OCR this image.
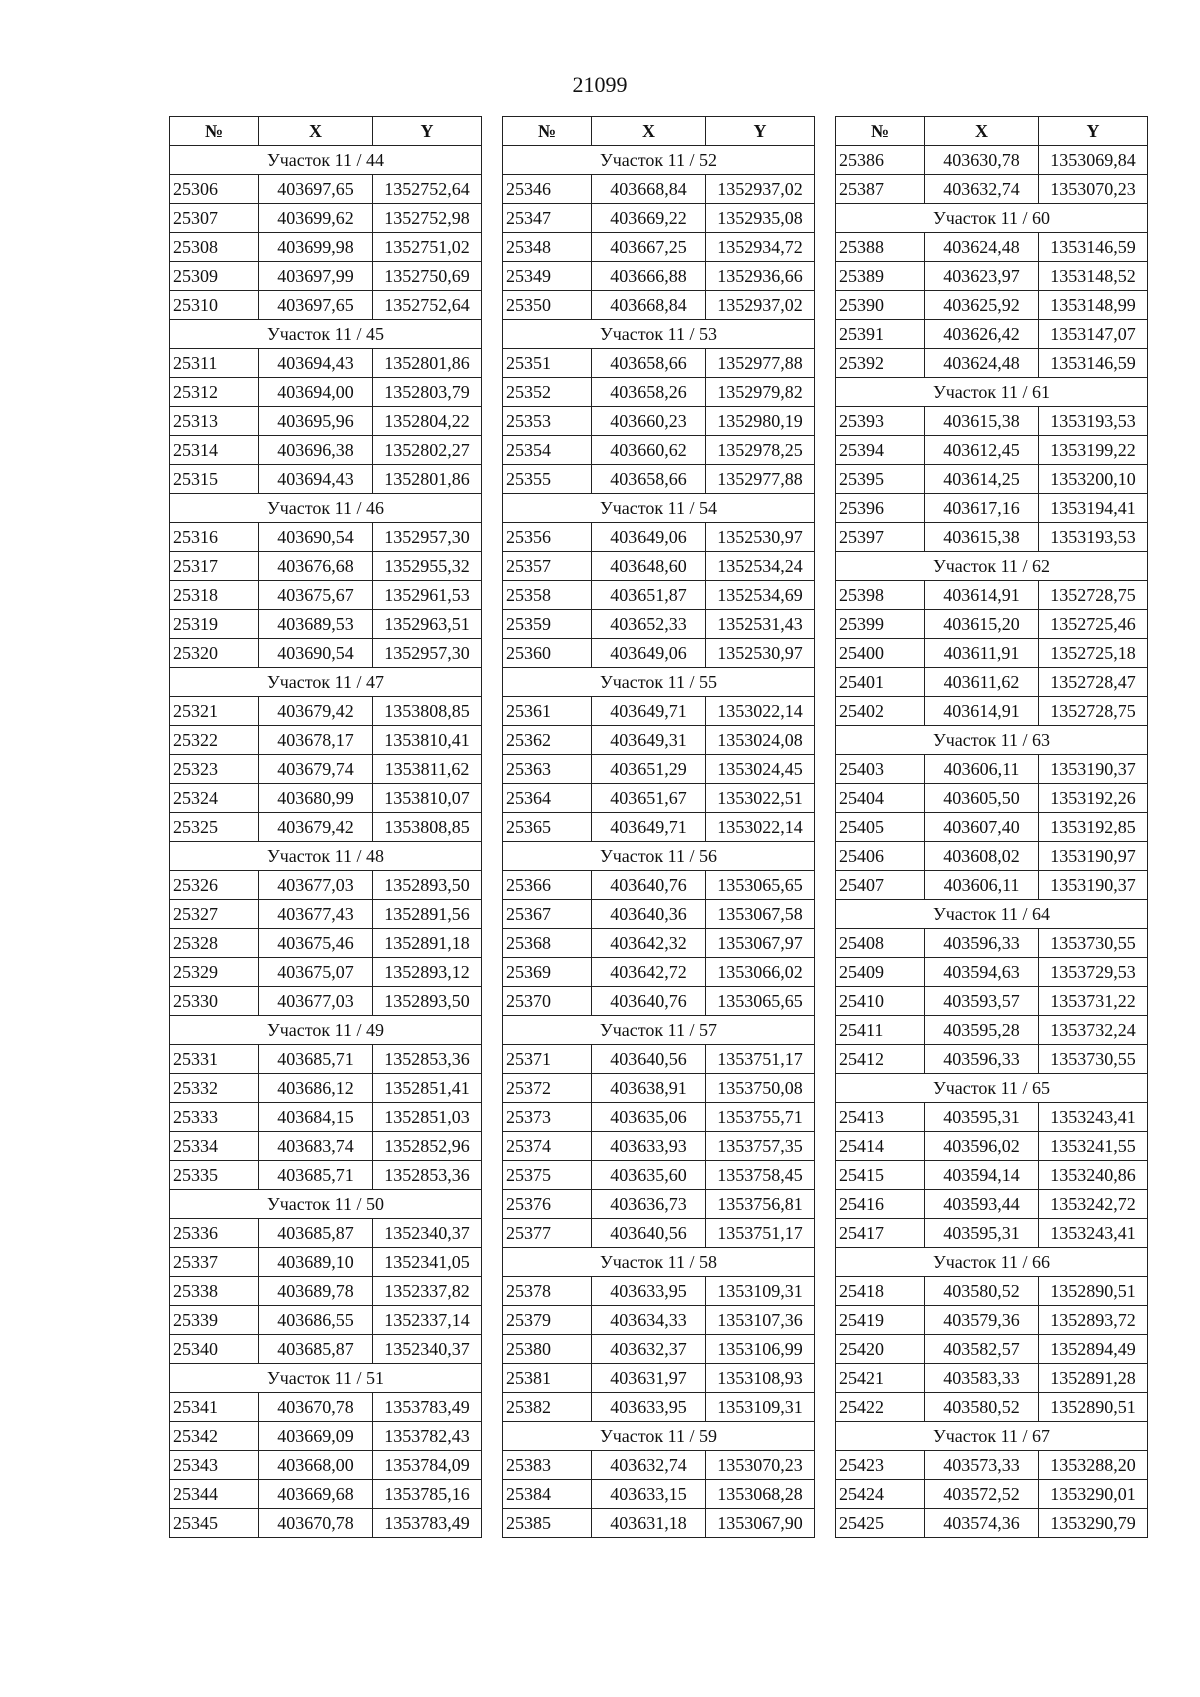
21099
№	X	Y
Участок 11 / 44		
25306	403697,65	1352752,64
25307	403699,62	1352752,98
25308	403699,98	1352751,02
25309	403697,99	1352750,69
25310	403697,65	1352752,64
Участок 11 / 45		
25311	403694,43	1352801,86
25312	403694,00	1352803,79
25313	403695,96	1352804,22
25314	403696,38	1352802,27
25315	403694,43	1352801,86
Участок 11 / 46		
25316	403690,54	1352957,30
25317	403676,68	1352955,32
25318	403675,67	1352961,53
25319	403689,53	1352963,51
25320	403690,54	1352957,30
Участок 11 / 47		
25321	403679,42	1353808,85
25322	403678,17	1353810,41
25323	403679,74	1353811,62
25324	403680,99	1353810,07
25325	403679,42	1353808,85
Участок 11 / 48		
25326	403677,03	1352893,50
25327	403677,43	1352891,56
25328	403675,46	1352891,18
25329	403675,07	1352893,12
25330	403677,03	1352893,50
Участок 11 / 49		
25331	403685,71	1352853,36
25332	403686,12	1352851,41
25333	403684,15	1352851,03
25334	403683,74	1352852,96
25335	403685,71	1352853,36
Участок 11 / 50		
25336	403685,87	1352340,37
25337	403689,10	1352341,05
25338	403689,78	1352337,82
25339	403686,55	1352337,14
25340	403685,87	1352340,37
Участок 11 / 51		
25341	403670,78	1353783,49
25342	403669,09	1353782,43
25343	403668,00	1353784,09
25344	403669,68	1353785,16
25345	403670,78	1353783,49
№	X	Y
Участок 11 / 52		
25346	403668,84	1352937,02
25347	403669,22	1352935,08
25348	403667,25	1352934,72
25349	403666,88	1352936,66
25350	403668,84	1352937,02
Участок 11 / 53		
25351	403658,66	1352977,88
25352	403658,26	1352979,82
25353	403660,23	1352980,19
25354	403660,62	1352978,25
25355	403658,66	1352977,88
Участок 11 / 54		
25356	403649,06	1352530,97
25357	403648,60	1352534,24
25358	403651,87	1352534,69
25359	403652,33	1352531,43
25360	403649,06	1352530,97
Участок 11 / 55		
25361	403649,71	1353022,14
25362	403649,31	1353024,08
25363	403651,29	1353024,45
25364	403651,67	1353022,51
25365	403649,71	1353022,14
Участок 11 / 56		
25366	403640,76	1353065,65
25367	403640,36	1353067,58
25368	403642,32	1353067,97
25369	403642,72	1353066,02
25370	403640,76	1353065,65
Участок 11 / 57		
25371	403640,56	1353751,17
25372	403638,91	1353750,08
25373	403635,06	1353755,71
25374	403633,93	1353757,35
25375	403635,60	1353758,45
25376	403636,73	1353756,81
25377	403640,56	1353751,17
Участок 11 / 58		
25378	403633,95	1353109,31
25379	403634,33	1353107,36
25380	403632,37	1353106,99
25381	403631,97	1353108,93
25382	403633,95	1353109,31
Участок 11 / 59		
25383	403632,74	1353070,23
25384	403633,15	1353068,28
25385	403631,18	1353067,90
№	X	Y
25386	403630,78	1353069,84
25387	403632,74	1353070,23
Участок 11 / 60		
25388	403624,48	1353146,59
25389	403623,97	1353148,52
25390	403625,92	1353148,99
25391	403626,42	1353147,07
25392	403624,48	1353146,59
Участок 11 / 61		
25393	403615,38	1353193,53
25394	403612,45	1353199,22
25395	403614,25	1353200,10
25396	403617,16	1353194,41
25397	403615,38	1353193,53
Участок 11 / 62		
25398	403614,91	1352728,75
25399	403615,20	1352725,46
25400	403611,91	1352725,18
25401	403611,62	1352728,47
25402	403614,91	1352728,75
Участок 11 / 63		
25403	403606,11	1353190,37
25404	403605,50	1353192,26
25405	403607,40	1353192,85
25406	403608,02	1353190,97
25407	403606,11	1353190,37
Участок 11 / 64		
25408	403596,33	1353730,55
25409	403594,63	1353729,53
25410	403593,57	1353731,22
25411	403595,28	1353732,24
25412	403596,33	1353730,55
Участок 11 / 65		
25413	403595,31	1353243,41
25414	403596,02	1353241,55
25415	403594,14	1353240,86
25416	403593,44	1353242,72
25417	403595,31	1353243,41
Участок 11 / 66		
25418	403580,52	1352890,51
25419	403579,36	1352893,72
25420	403582,57	1352894,49
25421	403583,33	1352891,28
25422	403580,52	1352890,51
Участок 11 / 67		
25423	403573,33	1353288,20
25424	403572,52	1353290,01
25425	403574,36	1353290,79
